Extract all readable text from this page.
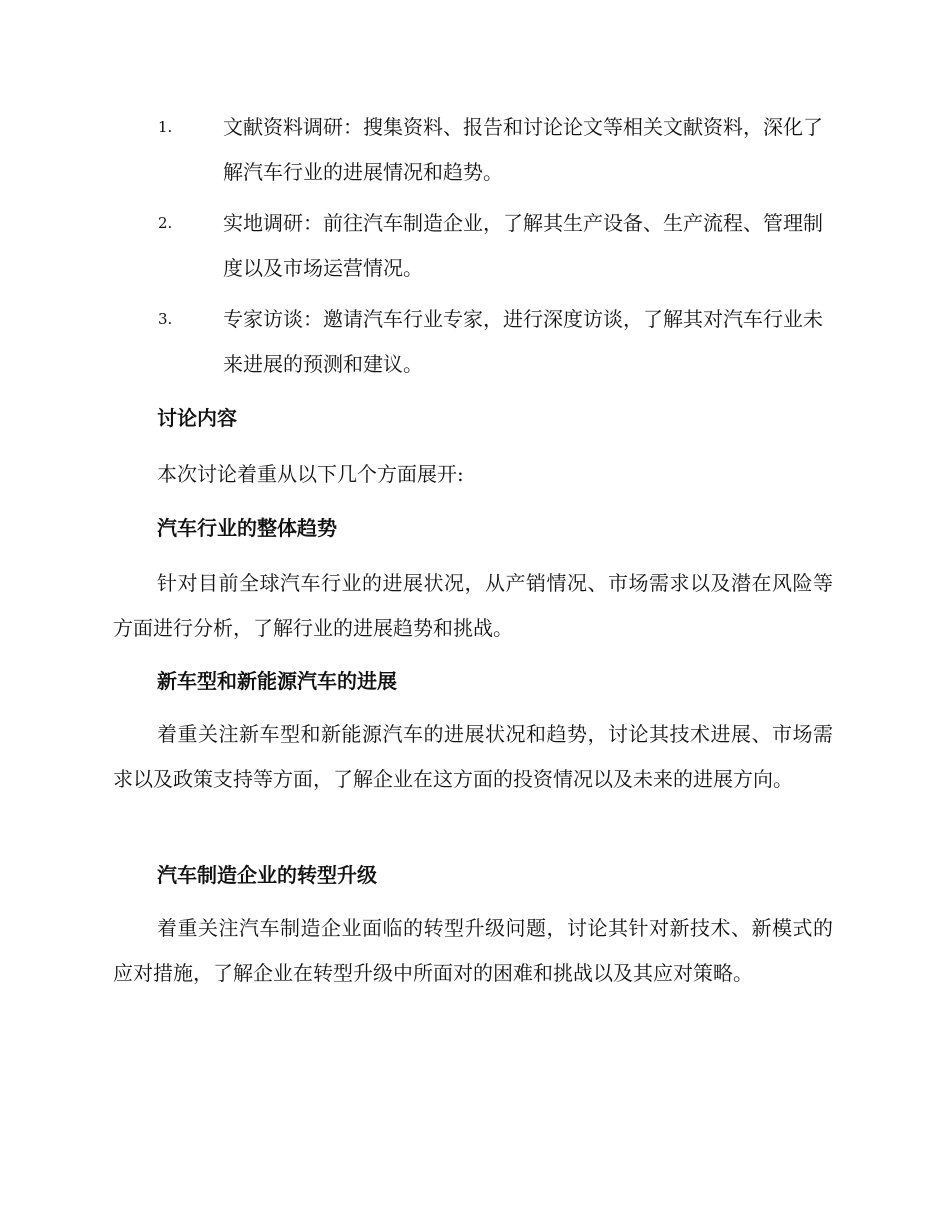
1.	文献资料调研：搜集资料、报告和讨论论文等相关文献资料，深化了解汽车行业的进展情况和趋势。
2.	实地调研：前往汽车制造企业，了解其生产设备、生产流程、管理制度以及市场运营情况。
3.	专家访谈：邀请汽车行业专家，进行深度访谈，了解其对汽车行业未来进展的预测和建议。
讨论内容

本次讨论着重从以下几个方面展开:

汽车行业的整体趋势

针对目前全球汽车行业的进展状况，从产销情况、市场需求以及潜在风险等方面进行分析，了解行业的进展趋势和挑战。

新车型和新能源汽车的进展

着重关注新车型和新能源汽车的进展状况和趋势，讨论其技术进展、市场需求以及政策支持等方面，了解企业在这方面的投资情况以及未来的进展方向。

汽车制造企业的转型升级

着重关注汽车制造企业面临的转型升级问题，讨论其针对新技术、新模式的应对措施，了解企业在转型升级中所面对的困难和挑战以及其应对策略。
